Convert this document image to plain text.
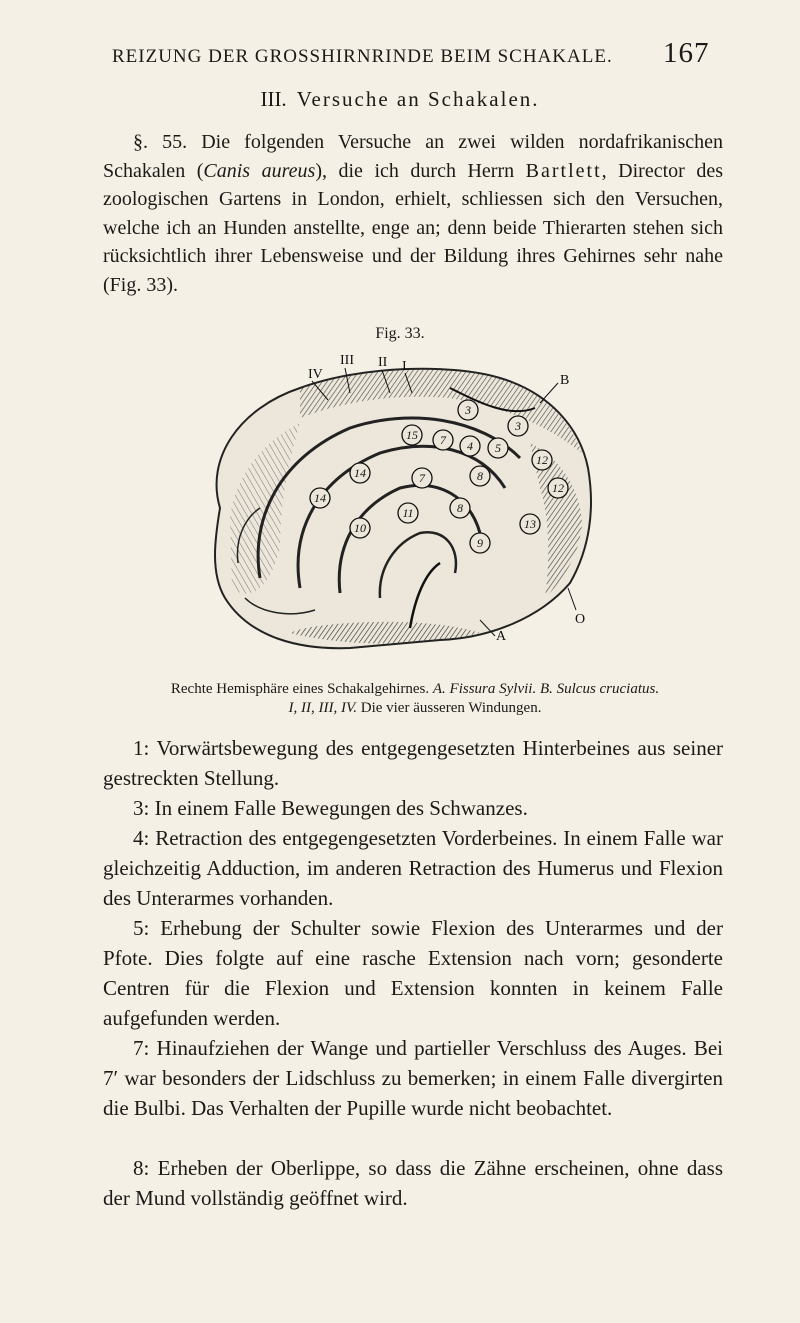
REIZUNG DER GROSSHIRNRINDE BEIM SCHAKALE. 167
III. Versuche an Schakalen.

§. 55. Die folgenden Versuche an zwei wilden nordafrikanischen Schakalen (Canis aureus), die ich durch Herrn Bartlett, Director des zoologischen Gartens in London, erhielt, schliessen sich den Versuchen, welche ich an Hunden anstellte, enge an; denn beide Thierarten stehen sich rücksichtlich ihrer Lebensweise und der Bildung ihres Gehirnes sehr nahe (Fig. 33).

Fig. 33.
3
3
15 7 4 5
12
14	7	8
12
14
11	8
13
10
9
III II I
IV	B
O
A
Rechte Hemisphäre eines Schakalgehirnes. A. Fissura Sylvii. B. Sulcus cruciatus.
I, II, III, IV. Die vier äusseren Windungen.

1: Vorwärtsbewegung des entgegengesetzten Hinterbeines aus seiner gestreckten Stellung.

3: In einem Falle Bewegungen des Schwanzes.

4: Retraction des entgegengesetzten Vorderbeines. In einem Falle war gleichzeitig Adduction, im anderen Retraction des Humerus und Flexion des Unterarmes vorhanden.

5: Erhebung der Schulter sowie Flexion des Unterarmes und der Pfote. Dies folgte auf eine rasche Extension nach vorn; gesonderte Centren für die Flexion und Extension konnten in keinem Falle aufgefunden werden.

7: Hinaufziehen der Wange und partieller Verschluss des Auges. Bei 7′ war besonders der Lidschluss zu bemerken; in einem Falle divergirten die Bulbi. Das Verhalten der Pupille wurde nicht beobachtet.

8: Erheben der Oberlippe, so dass die Zähne erscheinen, ohne dass der Mund vollständig geöffnet wird.
